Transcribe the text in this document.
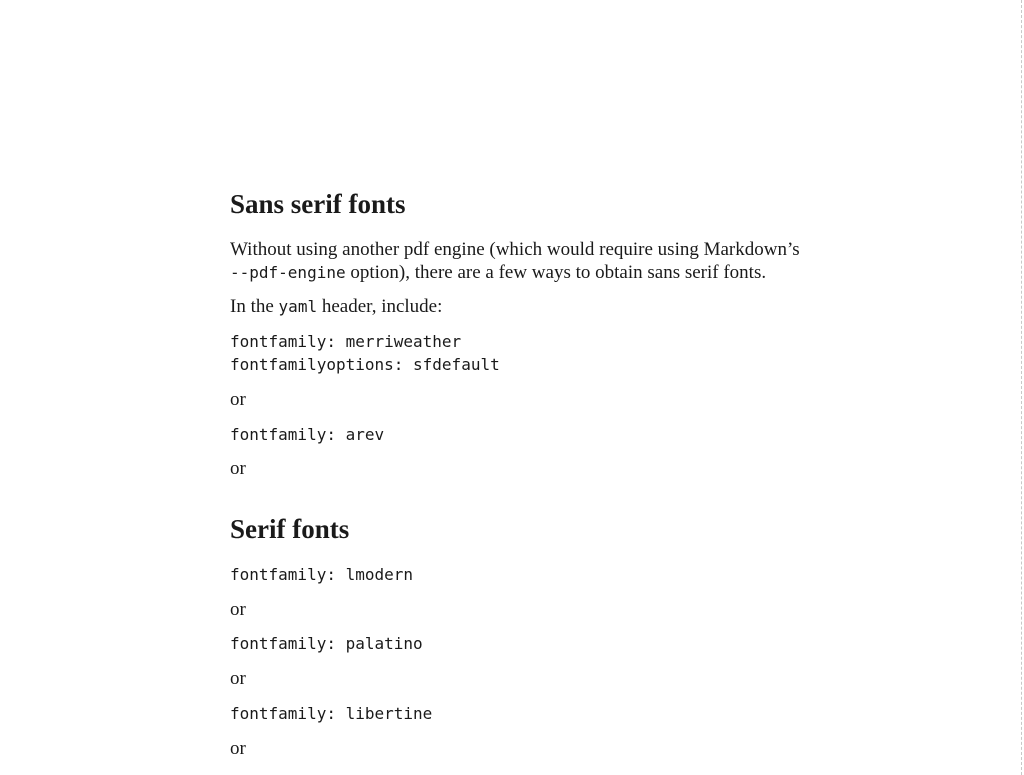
Sans serif fonts
Without using another pdf engine (which would require using Markdown’s
--pdf-engine option), there are a few ways to obtain sans serif fonts.
In the yaml header, include:
fontfamily: merriweather
fontfamilyoptions: sfdefault
or
fontfamily: arev
or
Serif fonts
fontfamily: lmodern
or
fontfamily: palatino
or
fontfamily: libertine
or
